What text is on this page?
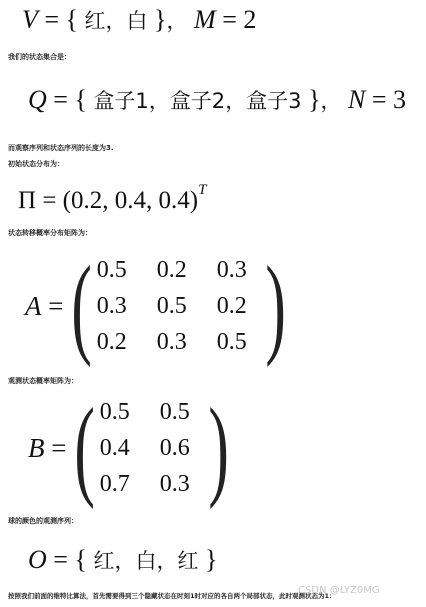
V = { 红，白 }， M = 2
我们的状态集合是：
Q = { 盒子1，盒子2，盒子3 }， N = 3
而观察序列和状态序列的长度为3.
初始状态分布为：
Π = (0.2, 0.4, 0.4)$^T$
状态转移概率分布矩阵为：
A = ( 0.5	0.2	0.3
0.3	0.5	0.2
0.2	0.3	0.5 )
观测状态概率矩阵为：
B = ( 0.5	0.5
0.4	0.6
0.7	0.3 )
球的颜色的观测序列：
O = { 红，白，红 }
按照我们前面的维特比算法，首先需要得到三个隐藏状态在时刻1时对应的各自两个局部状态，此时观测状态为1：
CSDN @LYZ0MG
